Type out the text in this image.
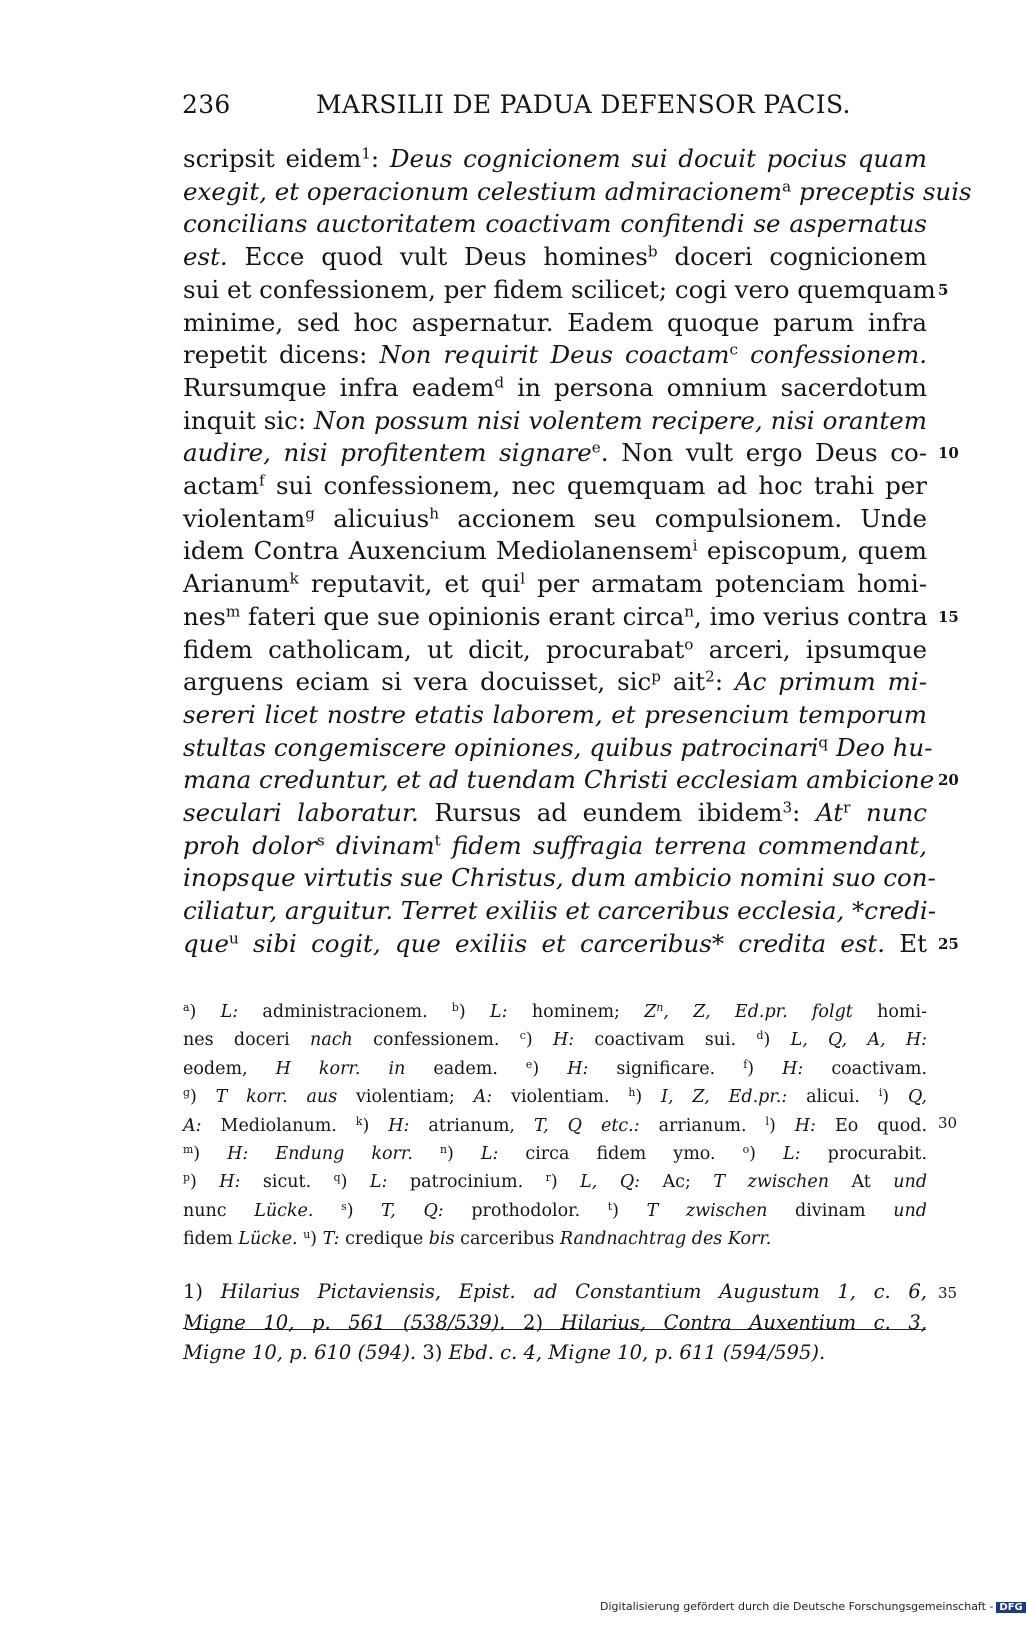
236	MARSILII DE PADUA DEFENSOR PACIS.
scripsit eidem$^1$: Deus cognicionem sui docuit pocius quam
exegit, et operacionum celestium admiracionem$^a$ preceptis suis
concilians auctoritatem coactivam confitendi se aspernatus
est. Ecce quod vult Deus homines$^b$ doceri cognicionem
sui et confessionem, per fidem scilicet; cogi vero quemquam
minime, sed hoc aspernatur. Eadem quoque parum infra
repetit dicens: Non requirit Deus coactam$^c$ confessionem.
Rursumque infra eadem$^d$ in persona omnium sacerdotum
inquit sic: Non possum nisi volentem recipere, nisi orantem
audire, nisi profitentem signare$^e$. Non vult ergo Deus co-
actam$^f$ sui confessionem, nec quemquam ad hoc trahi per
violentam$^g$ alicuius$^h$ accionem seu compulsionem. Unde
idem Contra Auxencium Mediolanensem$^i$ episcopum, quem
Arianum$^k$ reputavit, et qui$^l$ per armatam potenciam homi-
nes$^m$ fateri que sue opinionis erant circa$^n$, imo verius contra
fidem catholicam, ut dicit, procurabat$^o$ arceri, ipsumque
arguens eciam si vera docuisset, sic$^p$ ait$^2$: Ac primum mi-
sereri licet nostre etatis laborem, et presencium temporum
stultas congemiscere opiniones, quibus patrocinari$^q$ Deo hu-
mana creduntur, et ad tuendam Christi ecclesiam ambicione
seculari laboratur. Rursus ad eundem ibidem$^3$: At$^r$ nunc
proh dolor$^s$ divinam$^t$ fidem suffragia terrena commendant,
inopsque virtutis sue Christus, dum ambicio nomini suo con-
ciliatur, arguitur. Terret exiliis et carceribus ecclesia, *credi-
que$^u$ sibi cogit, que exiliis et carceribus* credita est. Et
5
10
15
20
25
$^a$) L: administracionem. $^b$) L: hominem; $Z^n$, Z, Ed.pr. folgt homi-
nes doceri nach confessionem. $^c$) H: coactivam sui. $^d$) L, Q, A, H:
eodem, H korr. in eadem. $^e$) H: significare. $^f$) H: coactivam.
$^g$) T korr. aus violentiam; A: violentiam. $^h$) I, Z, Ed.pr.: alicui. $^i$) Q,
A: Mediolanum. $^k$) H: atrianum, T, Q etc.: arrianum. $^l$) H: Eo quod.
$^m$) H: Endung korr. $^n$) L: circa fidem ymo. $^o$) L: procurabit.
$^p$) H: sicut. $^q$) L: patrocinium. $^r$) L, Q: Ac; T zwischen At und
nunc Lücke.	$^s$) T, Q: prothodolor. $^t$) T zwischen divinam und
fidem Lücke. $^u$) T: credique bis carceribus Randnachtrag des Korr.
30
1) Hilarius Pictaviensis, Epist. ad Constantium Augustum 1, c. 6,
Migne 10, p. 561 (538/539). 2) Hilarius, Contra Auxentium c. 3,
Migne 10, p. 610 (594). 3) Ebd. c. 4, Migne 10, p. 611 (594/595).
35
Digitalisierung gefördert durch die Deutsche Forschungsgemeinschaft - DFG
